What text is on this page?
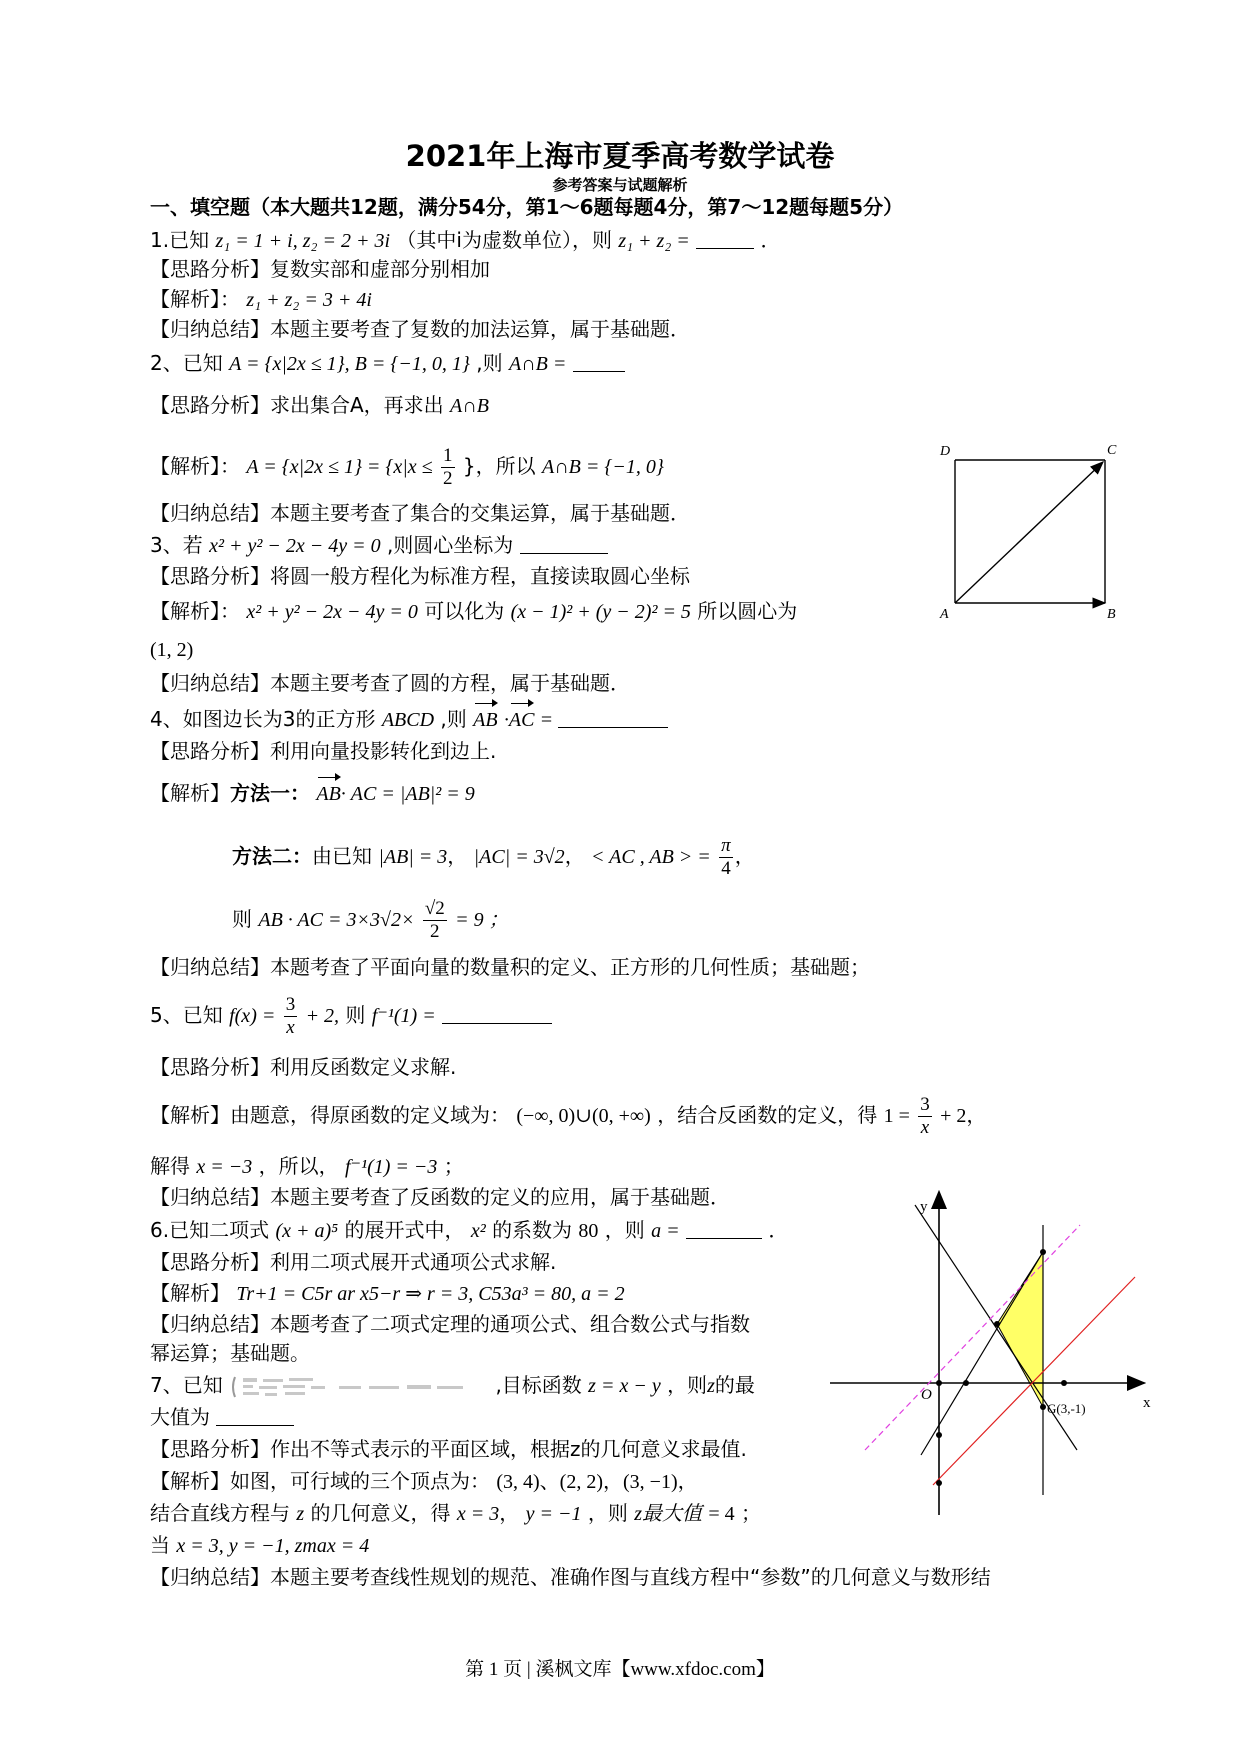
2021年上海市夏季高考数学试卷
参考答案与试题解析
一、填空题（本大题共12题，满分54分，第1～6题每题4分，第7～12题每题5分）
1.已知 z₁ = 1 + i, z₂ = 2 + 3i （其中i为虚数单位），则 z₁ + z₂ =	．
【思路分析】复数实部和虚部分别相加
【解析】： z₁ + z₂ = 3 + 4i
【归纳总结】本题主要考查了复数的加法运算，属于基础题．
2、已知 A = {x|2x ≤ 1}, B = {−1, 0, 1} ,则 A∩B =
【思路分析】求出集合A，再求出 A∩B
【解析】： $A = \{x|2x \le 1\} = \{x|x \le \frac{1}{2}$ }，所以 A∩B = {−1, 0}
【归纳总结】本题主要考查了集合的交集运算，属于基础题．
3、若 x² + y² − 2x − 4y = 0 ,则圆心坐标为
【思路分析】将圆一般方程化为标准方程，直接读取圆心坐标
【解析】： x² + y² − 2x − 4y = 0 可以化为 (x − 1)² + (y − 2)² = 5 所以圆心为
(1, 2)
【归纳总结】本题主要考查了圆的方程，属于基础题．
D	C
A	B
4、如图边长为3的正方形 ABCD ,则 AB ·AC =
【思路分析】利用向量投影转化到边上.
【解析】方法一： AB· AC = |AB|² = 9
方法二：由已知 |AB| = 3， |AC| = 3√2， < AC , AB > = $\frac{\pi}{4}$ ，
则 AB · AC = $3\times 3√2\times \frac{√2}{2} = 9$ ；
【归纳总结】本题考查了平面向量的数量积的定义、正方形的几何性质；基础题；
5、已知 $f(x) = \frac{3}{x} + 2$, 则 f⁻¹(1) =
【思路分析】利用反函数定义求解.
【解析】由题意，得原函数的定义域为： (−∞, 0)∪(0, +∞) ，结合反函数的定义，得 $1 = \frac{3}{x} + 2$，
解得 x = −3 ，所以， f⁻¹(1) = −3 ；
【归纳总结】本题主要考查了反函数的定义的应用，属于基础题．
6.已知二项式 (x + a)⁵ 的展开式中， x² 的系数为 80 ，则 a =	．
【思路分析】利用二项式展开式通项公式求解.
【解析】 Tr+1 = C5r ar x5−r ⇒ r = 3, C53a³ = 80, a = 2
【归纳总结】本题考查了二项式定理的通项公式、组合数公式与指数
幂运算；基础题。
7、已知	,目标函数 z = x − y ，则z的最
大值为
【思路分析】作出不等式表示的平面区域，根据z的几何意义求最值.
【解析】如图，可行域的三个顶点为： (3, 4)、(2, 2)，(3, −1)，
结合直线方程与 z 的几何意义，得 x = 3， y = −1 ，则 z最大值 = 4 ；
当 x = 3, y = −1, zmax = 4
【归纳总结】本题主要考查线性规划的规范、准确作图与直线方程中“参数”的几何意义与数形结
y
x
O
G(3,-1)
第 1 页 | 溪枫文库【www.xfdoc.com】
